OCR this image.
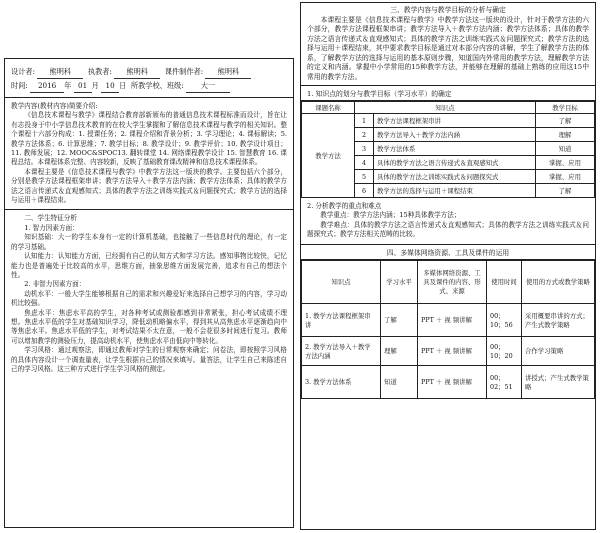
设计者: 熊明科 执教者: 熊明科 课件制作者: 熊明科
时间: 2016 年 01 月 10 日 所教学校、班级: 大一

教学内容(教材内容)简要介绍:

《信息技术课程与教学》课程结合教育部新颁布的普通信息技术课程标准而设计，旨在让有志投身于中小学信息技术教育的在校大学生掌握和了解信息技术课程与教学的相关知识。整个课程十六部分构成：1. 授课任务；2. 课程介绍和背景分析；3. 学习理论；4. 课标解读；5. 教学方法体系；6. 计算思维；7. 教学目标；8. 教学设计；9. 教学评价；10. 教学设计项目；11. 教师发展；12. MOOC&SPOC13. 翻转课堂 14. 网络课程教学设计 15. 智慧教育 16. 课程总结。本课程体系完整、内容较新，反映了基础教育课改精神和信息技术课程体系。

本课程主要是《信息技术课程与教学》中教学方法这一版块的教学。主要包括六个部分，分别是教学方法课程框架串讲；教学方法导入＋教学方法内涵；教学方法体系；具体的教学方法之语言传递式＆直观感知式；具体的教学方法之训练实践式＆问题探究式；教学方法的选择与运用＋课程结束。

二、学生特征分析

1. 智力因素方面：

知识基础：大一的学生本身有一定的计算机基础，也接触了一些信息时代的理论，有一定的学习基础。

认知能力：认知能力方面，已经拥有自己的认知方式和学习方法。感知事物比较快，记忆能力也是普遍处于比较高的水平，思维方面，抽象思维方面发展完善，追求有自己的想法个性。

2. 非智力因素方面：

动机水平：一般大学生能够根据自己的需求和兴趣爱好来选择自己想学习的内容，学习动机比较强。

焦虑水平：焦虑水平高的学生，对各种考试或测验都感到非常紧张，担心考试成绩不理想。焦虑水平低的学生对基础知识学习，降低动机略偏水平，得到其从高焦虑水平逐渐趋向中等焦虑水平。焦虑水平低的学生，对考试结果不太在意，一般不会花很多时间进行复习。教师可以增加教学的测验压力，提高动机水平，使焦虑水平由低向中等转化。

学习风格：通过观察法，即通过教师对学生的日常观察来确定；问卷法，即按照学习风格的具体内容设计一个调查量表，让学生根据自己的情况来填写。量答法，让学生自己来陈述自己的学习风格。这三种方式进行学生学习风格的测定。

三、教学内容与教学目标的分析与确定

本课程主要是《信息技术课程与教学》中教学方法这一版块的设计，针对于教学方法的六个部分，教学方法课程框架串讲；教学方法导入＋教学方法内涵；教学方法体系；具体的教学方法之语言传递式＆直观感知式；具体的教学方法之训练实践式＆问题探究式；教学方法的选择与运用＋课程结束，其中要求教学目标是通过对本部分内容的讲解，学生了解教学方法的体系，了解教学方法的选择与运用的基本原则步骤，知道国内外常用的教学方法，理解教学方法的定义和内涵。掌握中小学常用的15种教学方法，并能够在理解的基础上熟练的应用这15中常用的教学方法。

1. 知识点的划分与教学目标（学习水平）的确定
课题名称	知识点		教学目标
教学方法	1	教学方法课程框架串讲	了解
	2	教学方法导入＋教学方法内涵	理解
	3	教学方法体系	知道
	4	具体的教学方法之语言传递式＆直观感知式	掌握、应用
	5	具体的教学方法之训练实践式＆问题探究式	掌握、应用
	6	教学方法的选择与运用＋课程结束	了解

2. 分析教学的重点和难点

教学重点：教学方法内涵；15种具体教学方法；

教学难点：具体的教学方法之语言传递式＆直观感知式；具体的教学方法之训练实践式＆问题探究式；教学方法相关范畴的比较。

四、多媒体网络资源、工具及课件的运用
知识点	学习水平	多媒体网络资源、工具及课件的内容、形式、来源	使用时间	使用的方式或教学策略
1. 教学方法课程框架串讲	了解	PPT ＋ 视 频讲解	00；10；56	采用概要串讲的方式；产生式教学策略
2. 教学方法导入＋教学方法内涵	理解	PPT ＋ 视 频讲解	00；10；20	合作学习策略
3. 教学方法体系	知道	PPT ＋ 视 频讲解	00；02；51	讲授式；产生式教学策略
